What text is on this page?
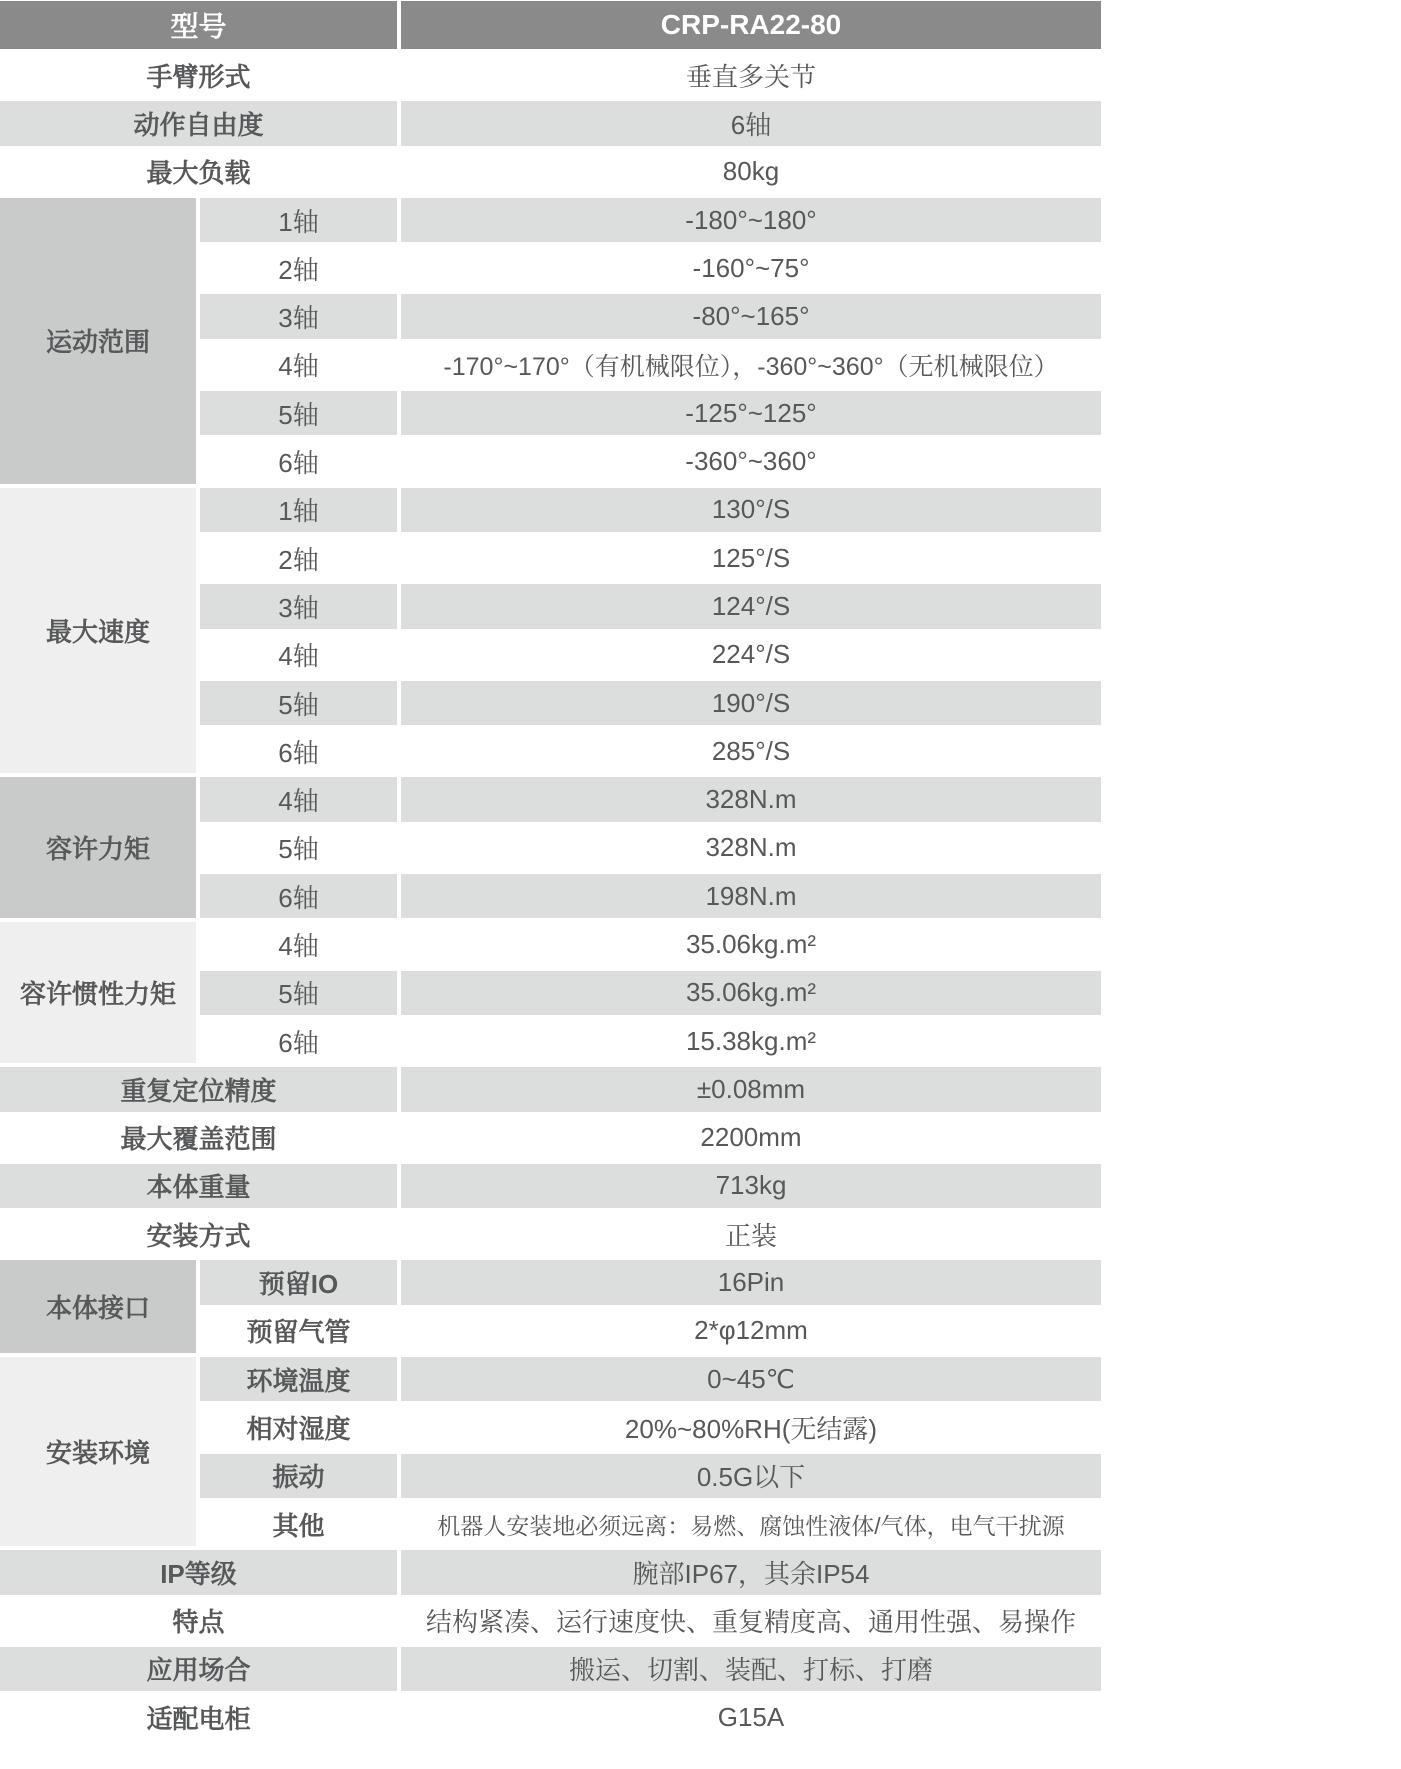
型号	CRP-RA22-80
手臂形式	垂直多关节
动作自由度	6轴
最大负载	80kg
运动范围
1轴	-180°~180°
2轴	-160°~75°
3轴	-80°~165°
4轴	-170°~170°（有机械限位），-360°~360°（无机械限位）
5轴	-125°~125°
6轴	-360°~360°
最大速度
1轴	130°/S
2轴	125°/S
3轴	124°/S
4轴	224°/S
5轴	190°/S
6轴	285°/S
容许力矩
4轴	328N.m
5轴	328N.m
6轴	198N.m
容许惯性力矩
4轴	35.06kg.m²
5轴	35.06kg.m²
6轴	15.38kg.m²
重复定位精度	±0.08mm
最大覆盖范围	2200mm
本体重量	713kg
安装方式	正装
本体接口
预留IO	16Pin
预留气管	2*φ12mm
安装环境
环境温度	0~45℃
相对湿度	20%~80%RH(无结露)
振动	0.5G以下
其他	机器人安装地必须远离：易燃、腐蚀性液体/气体，电气干扰源
IP等级	腕部IP67，其余IP54
特点	结构紧凑、运行速度快、重复精度高、通用性强、易操作
应用场合	搬运、切割、装配、打标、打磨
适配电柜	G15A
